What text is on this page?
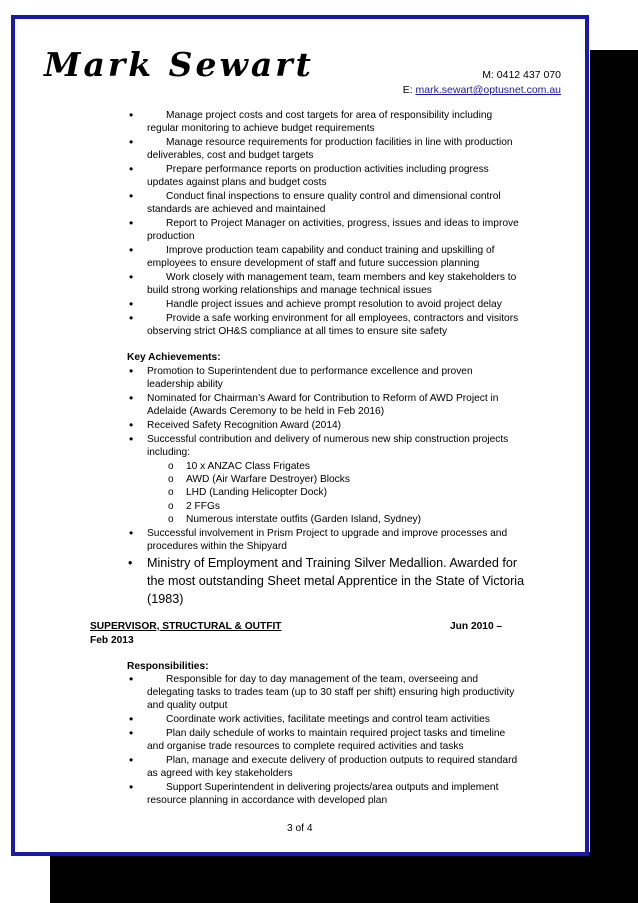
Mark Sewart	M: 0412 437 070
E: mark.sewart@optusnet.com.au
•	Manage project costs and cost targets for area of responsibility including
regular monitoring to achieve budget requirements
•	Manage resource requirements for production facilities in line with production
deliverables, cost and budget targets
•	Prepare performance reports on production activities including progress
updates against plans and budget costs
•	Conduct final inspections to ensure quality control and dimensional control
standards are achieved and maintained
•	Report to Project Manager on activities, progress, issues and ideas to improve
production
•	Improve production team capability and conduct training and upskilling of
employees to ensure development of staff and future succession planning
•	Work closely with management team, team members and key stakeholders to
build strong working relationships and manage technical issues
•	Handle project issues and achieve prompt resolution to avoid project delay
•	Provide a safe working environment for all employees, contractors and visitors
observing strict OH&S compliance at all times to ensure site safety
Key Achievements:
• Promotion to Superintendent due to performance excellence and proven
leadership ability
• Nominated for Chairman’s Award for Contribution to Reform of AWD Project in
Adelaide (Awards Ceremony to be held in Feb 2016)
• Received Safety Recognition Award (2014)
• Successful contribution and delivery of numerous new ship construction projects
including:
o 10 x ANZAC Class Frigates
o AWD (Air Warfare Destroyer) Blocks
o LHD (Landing Helicopter Dock)
o 2 FFGs
o Numerous interstate outfits (Garden Island, Sydney)
• Successful involvement in Prism Project to upgrade and improve processes and
procedures within the Shipyard
• Ministry of Employment and Training Silver Medallion. Awarded for
the most outstanding Sheet metal Apprentice in the State of Victoria
(1983)
SUPERVISOR, STRUCTURAL & OUTFIT	Jun 2010 –
Feb 2013
Responsibilities:
•	Responsible for day to day management of the team, overseeing and
delegating tasks to trades team (up to 30 staff per shift) ensuring high productivity
and quality output
•	Coordinate work activities, facilitate meetings and control team activities
•	Plan daily schedule of works to maintain required project tasks and timeline
and organise trade resources to complete required activities and tasks
•	Plan, manage and execute delivery of production outputs to required standard
as agreed with key stakeholders
•	Support Superintendent in delivering projects/area outputs and implement
resource planning in accordance with developed plan
3 of 4
